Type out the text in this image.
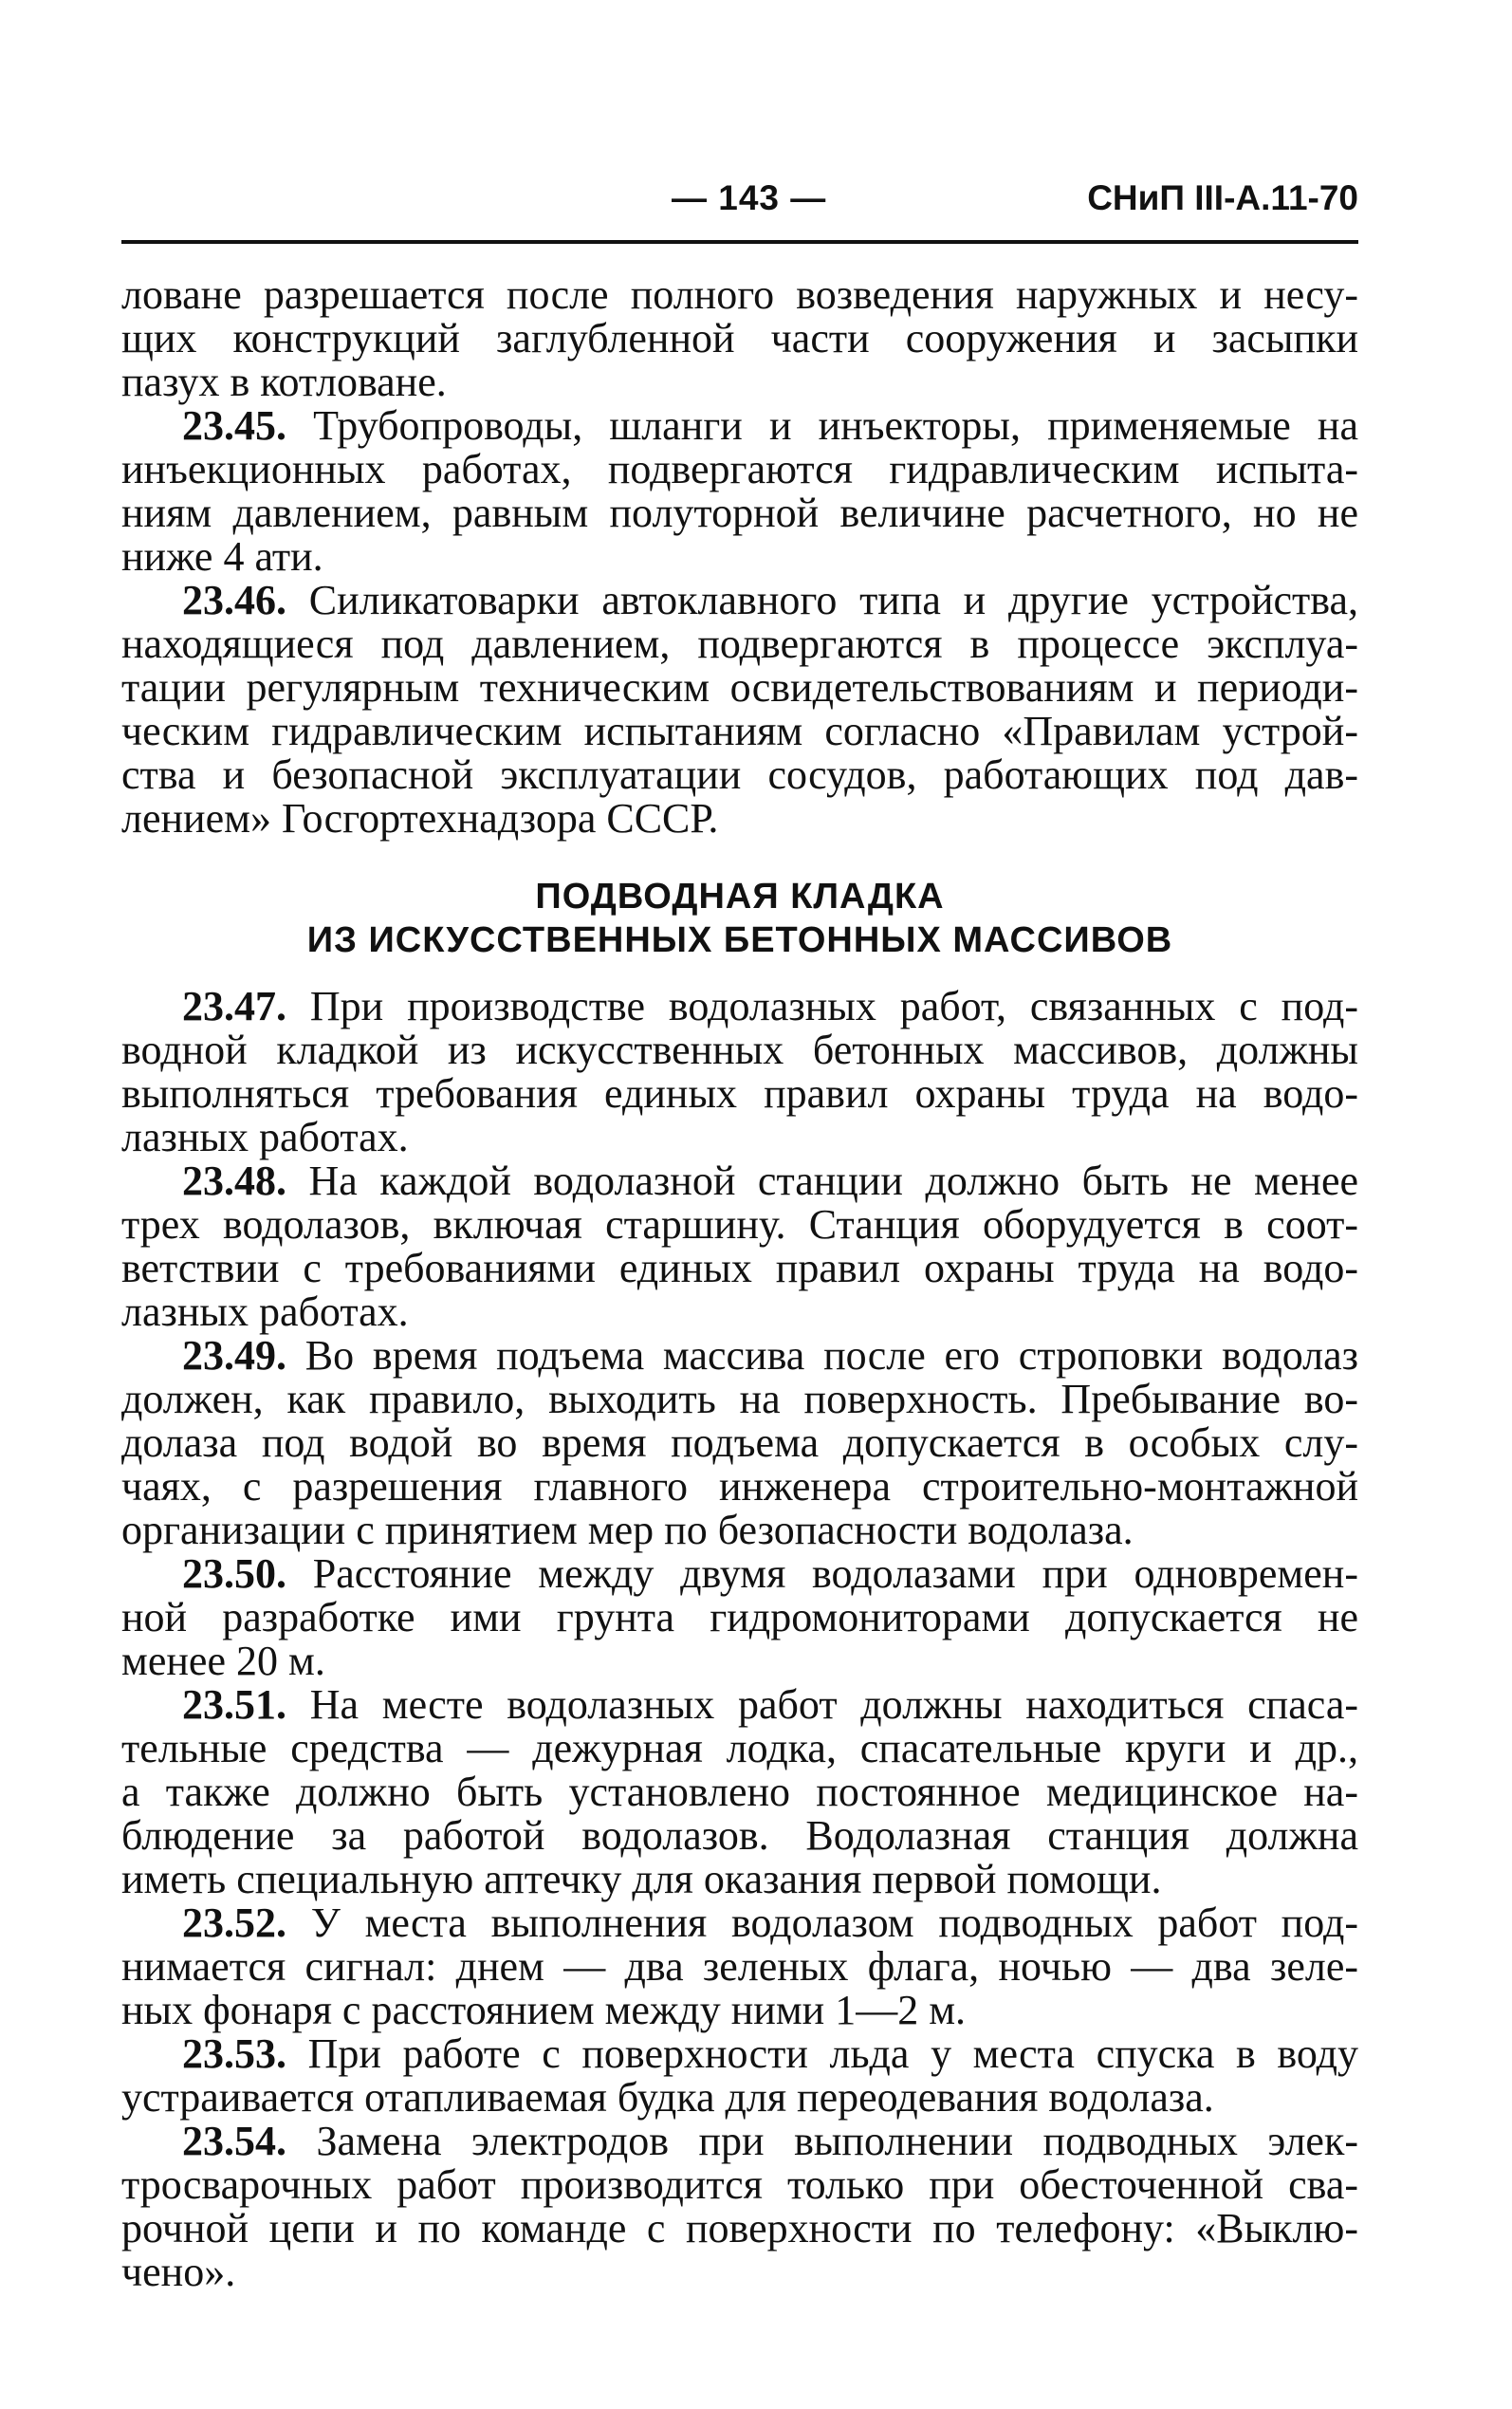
— 143 —	СНиП III-А.11-70

ловане разрешается после полного возведения наружных и несу-

щих конструкций заглубленной части сооружения и засыпки

пазух в котловане.

23.45. Трубопроводы, шланги и инъекторы, применяемые на

инъекционных работах, подвергаются гидравлическим испыта-

ниям давлением, равным полуторной величине расчетного, но не

ниже 4 ати.

23.46. Силикатоварки автоклавного типа и другие устройства,

находящиеся под давлением, подвергаются в процессе эксплуа-

тации регулярным техническим освидетельствованиям и периоди-

ческим гидравлическим испытаниям согласно «Правилам устрой-

ства и безопасной эксплуатации сосудов, работающих под дав-

лением» Госгортехнадзора СССР.

ПОДВОДНАЯ КЛАДКА
ИЗ ИСКУССТВЕННЫХ БЕТОННЫХ МАССИВОВ

23.47. При производстве водолазных работ, связанных с под-

водной кладкой из искусственных бетонных массивов, должны

выполняться требования единых правил охраны труда на водо-

лазных работах.

23.48. На каждой водолазной станции должно быть не менее

трех водолазов, включая старшину. Станция оборудуется в соот-

ветствии с требованиями единых правил охраны труда на водо-

лазных работах.

23.49. Во время подъема массива после его строповки водолаз

должен, как правило, выходить на поверхность. Пребывание во-

долаза под водой во время подъема допускается в особых слу-

чаях, с разрешения главного инженера строительно-монтажной

организации с принятием мер по безопасности водолаза.

23.50. Расстояние между двумя водолазами при одновремен-

ной разработке ими грунта гидромониторами допускается не

менее 20 м.

23.51. На месте водолазных работ должны находиться спаса-

тельные средства — дежурная лодка, спасательные круги и др.,

а также должно быть установлено постоянное медицинское на-

блюдение за работой водолазов. Водолазная станция должна

иметь специальную аптечку для оказания первой помощи.

23.52. У места выполнения водолазом подводных работ под-

нимается сигнал: днем — два зеленых флага, ночью — два зеле-

ных фонаря с расстоянием между ними 1—2 м.

23.53. При работе с поверхности льда у места спуска в воду

устраивается отапливаемая будка для переодевания водолаза.

23.54. Замена электродов при выполнении подводных элек-

тросварочных работ производится только при обесточенной сва-

рочной цепи и по команде с поверхности по телефону: «Выклю-

чено».
